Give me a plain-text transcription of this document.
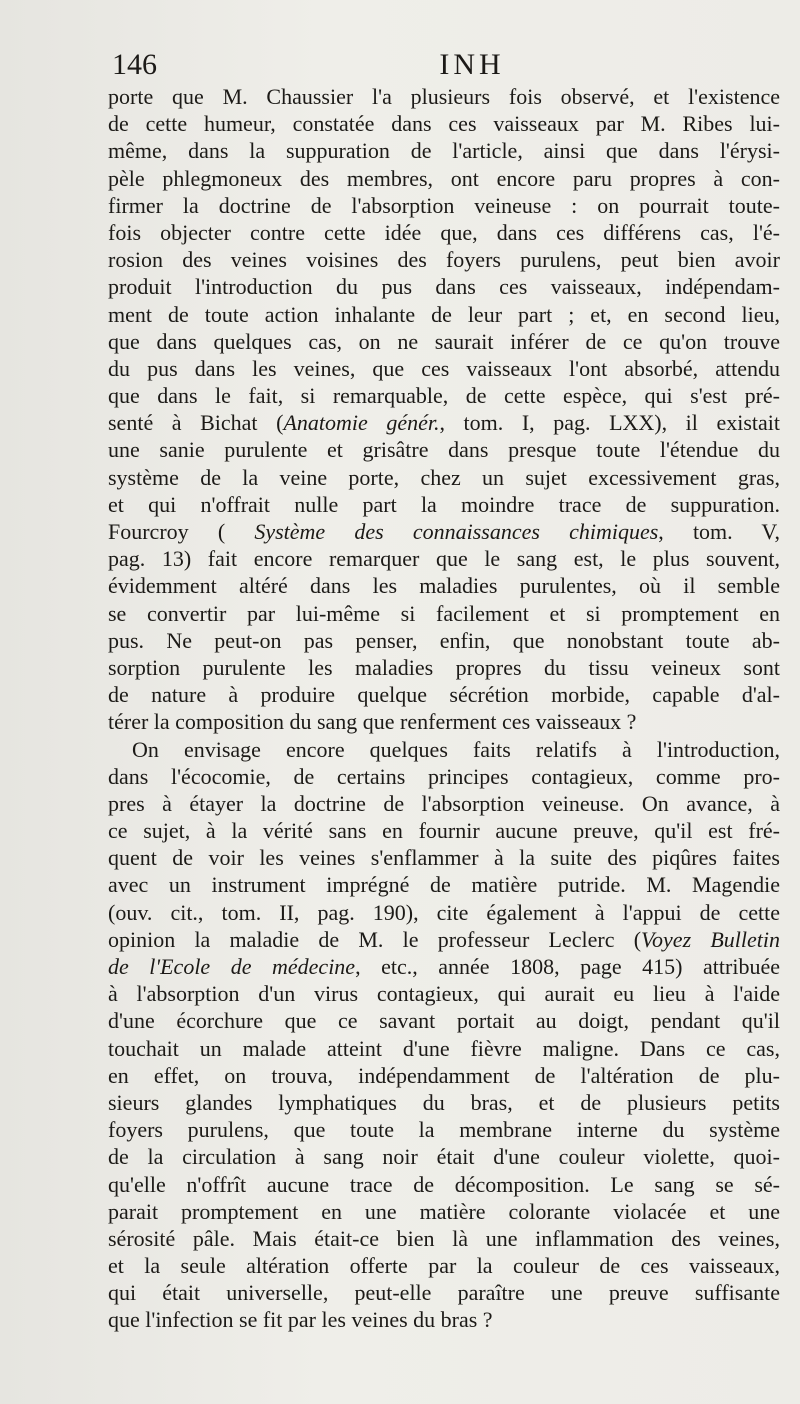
146	INH
porte que M. Chaussier l'a plusieurs fois observé, et l'existence
de cette humeur, constatée dans ces vaisseaux par M. Ribes lui-
même, dans la suppuration de l'article, ainsi que dans l'érysi-
pèle phlegmoneux des membres, ont encore paru propres à con-
firmer la doctrine de l'absorption veineuse : on pourrait toute-
fois objecter contre cette idée que, dans ces différens cas, l'é-
rosion des veines voisines des foyers purulens, peut bien avoir
produit l'introduction du pus dans ces vaisseaux, indépendam-
ment de toute action inhalante de leur part ; et, en second lieu,
que dans quelques cas, on ne saurait inférer de ce qu'on trouve
du pus dans les veines, que ces vaisseaux l'ont absorbé, attendu
que dans le fait, si remarquable, de cette espèce, qui s'est pré-
senté à Bichat (Anatomie génér., tom. I, pag. LXX), il existait
une sanie purulente et grisâtre dans presque toute l'étendue du
système de la veine porte, chez un sujet excessivement gras,
et qui n'offrait nulle part la moindre trace de suppuration.
Fourcroy ( Système des connaissances chimiques, tom. V,
pag. 13) fait encore remarquer que le sang est, le plus souvent,
évidemment altéré dans les maladies purulentes, où il semble
se convertir par lui-même si facilement et si promptement en
pus. Ne peut-on pas penser, enfin, que nonobstant toute ab-
sorption purulente les maladies propres du tissu veineux sont
de nature à produire quelque sécrétion morbide, capable d'al-
térer la composition du sang que renferment ces vaisseaux ?
On envisage encore quelques faits relatifs à l'introduction,
dans l'écocomie, de certains principes contagieux, comme pro-
pres à étayer la doctrine de l'absorption veineuse. On avance, à
ce sujet, à la vérité sans en fournir aucune preuve, qu'il est fré-
quent de voir les veines s'enflammer à la suite des piqûres faites
avec un instrument imprégné de matière putride. M. Magendie
(ouv. cit., tom. II, pag. 190), cite également à l'appui de cette
opinion la maladie de M. le professeur Leclerc (Voyez Bulletin
de l'Ecole de médecine, etc., année 1808, page 415) attribuée
à l'absorption d'un virus contagieux, qui aurait eu lieu à l'aide
d'une écorchure que ce savant portait au doigt, pendant qu'il
touchait un malade atteint d'une fièvre maligne. Dans ce cas,
en effet, on trouva, indépendamment de l'altération de plu-
sieurs glandes lymphatiques du bras, et de plusieurs petits
foyers purulens, que toute la membrane interne du système
de la circulation à sang noir était d'une couleur violette, quoi-
qu'elle n'offrît aucune trace de décomposition. Le sang se sé-
parait promptement en une matière colorante violacée et une
sérosité pâle. Mais était-ce bien là une inflammation des veines,
et la seule altération offerte par la couleur de ces vaisseaux,
qui était universelle, peut-elle paraître une preuve suffisante
que l'infection se fit par les veines du bras ?
